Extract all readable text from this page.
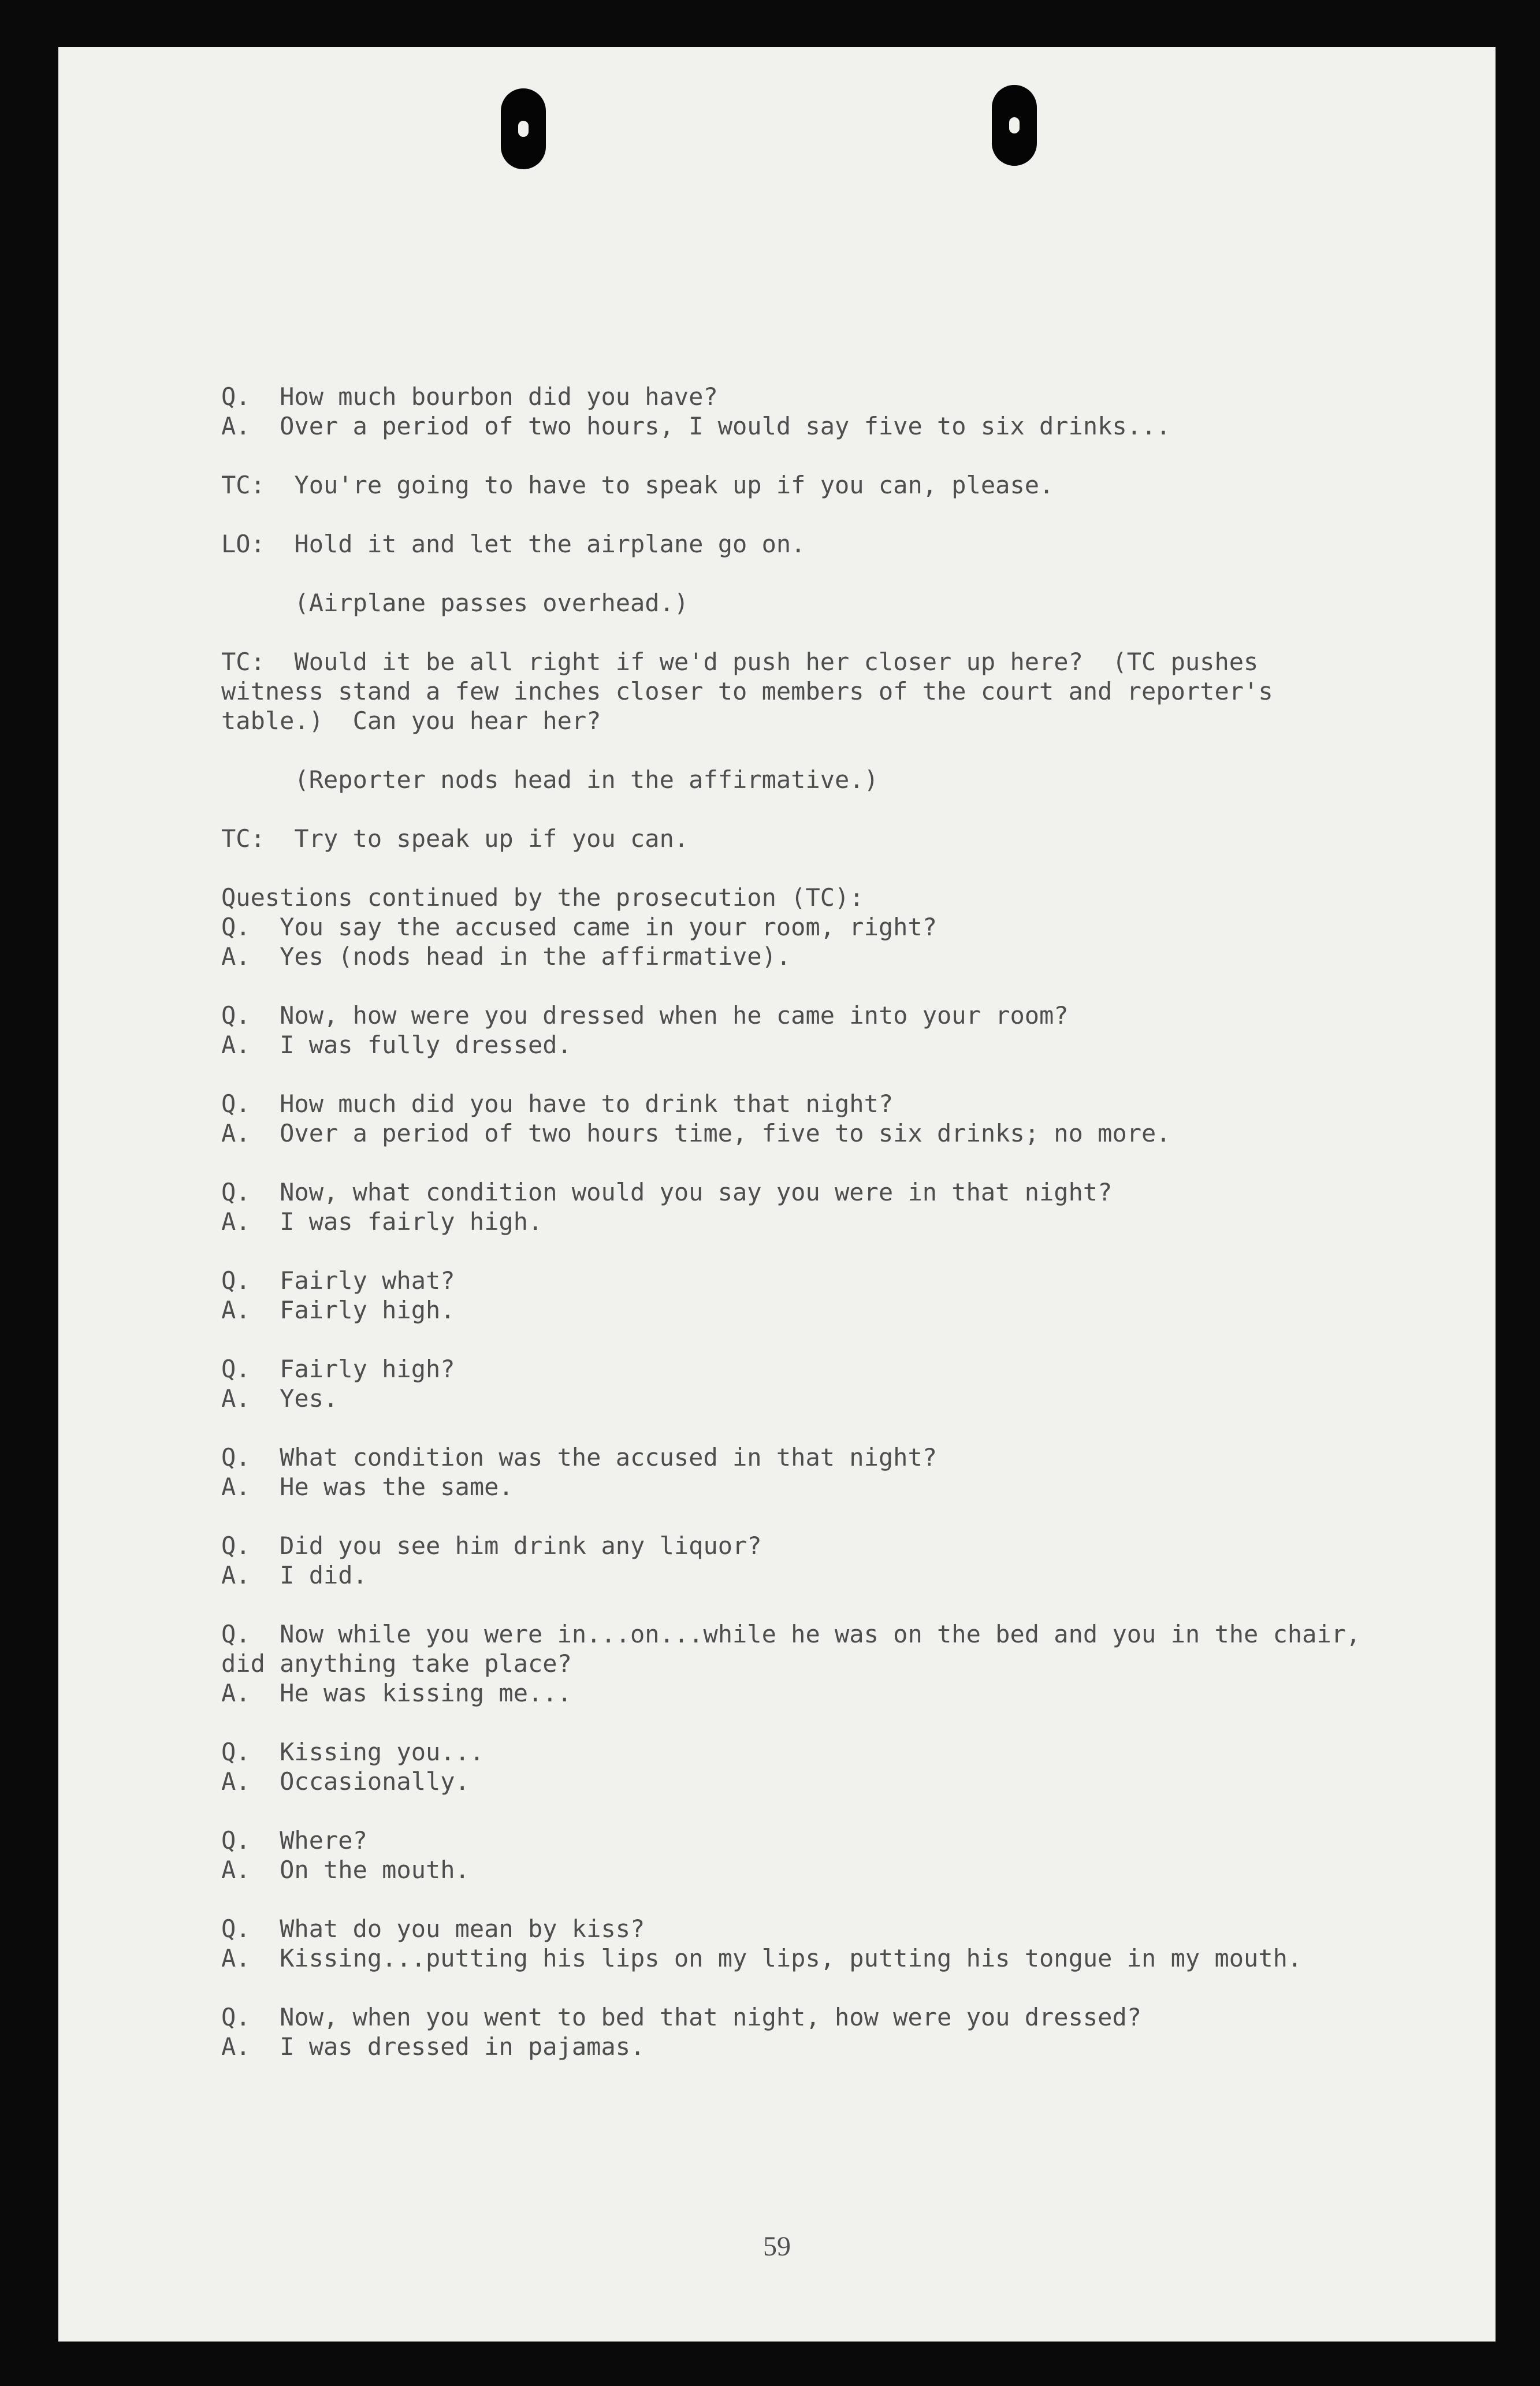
Q.  How much bourbon did you have?
A.  Over a period of two hours, I would say five to six drinks...
TC:  You're going to have to speak up if you can, please.
LO:  Hold it and let the airplane go on.
(Airplane passes overhead.)
TC:  Would it be all right if we'd push her closer up here?  (TC pushes
witness stand a few inches closer to members of the court and reporter's
table.)  Can you hear her?
(Reporter nods head in the affirmative.)
TC:  Try to speak up if you can.
Questions continued by the prosecution (TC):
Q.  You say the accused came in your room, right?
A.  Yes (nods head in the affirmative).
Q.  Now, how were you dressed when he came into your room?
A.  I was fully dressed.
Q.  How much did you have to drink that night?
A.  Over a period of two hours time, five to six drinks; no more.
Q.  Now, what condition would you say you were in that night?
A.  I was fairly high.
Q.  Fairly what?
A.  Fairly high.
Q.  Fairly high?
A.  Yes.
Q.  What condition was the accused in that night?
A.  He was the same.
Q.  Did you see him drink any liquor?
A.  I did.
Q.  Now while you were in...on...while he was on the bed and you in the chair,
did anything take place?
A.  He was kissing me...
Q.  Kissing you...
A.  Occasionally.
Q.  Where?
A.  On the mouth.
Q.  What do you mean by kiss?
A.  Kissing...putting his lips on my lips, putting his tongue in my mouth.
Q.  Now, when you went to bed that night, how were you dressed?
A.  I was dressed in pajamas.
59
